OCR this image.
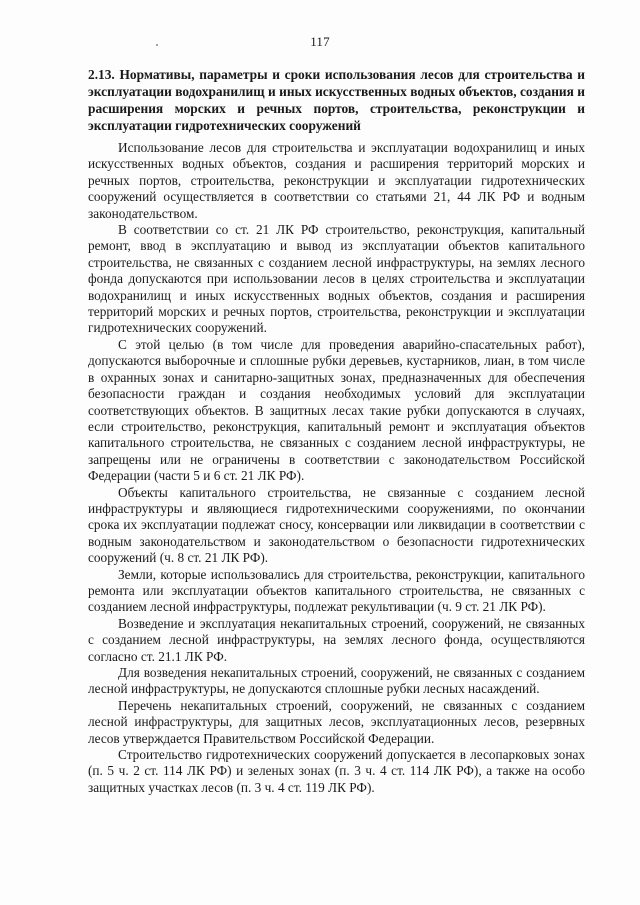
117
2.13. Нормативы, параметры и сроки использования лесов для строительства и эксплуатации водохранилищ и иных искусственных водных объектов, создания и расширения морских и речных портов, строительства, реконструкции и эксплуатации гидротехнических сооружений

Использование лесов для строительства и эксплуатации водохранилищ и иных искусственных водных объектов, создания и расширения территорий морских и речных портов, строительства, реконструкции и эксплуатации гидротехнических сооружений осуществляется в соответствии со статьями 21, 44 ЛК РФ и водным законодательством.

В соответствии со ст. 21 ЛК РФ строительство, реконструкция, капитальный ремонт, ввод в эксплуатацию и вывод из эксплуатации объектов капитального строительства, не связанных с созданием лесной инфраструктуры, на землях лесного фонда допускаются при использовании лесов в целях строительства и эксплуатации водохранилищ и иных искусственных водных объектов, создания и расширения территорий морских и речных портов, строительства, реконструкции и эксплуатации гидротехнических сооружений.

С этой целью (в том числе для проведения аварийно-спасательных работ), допускаются выборочные и сплошные рубки деревьев, кустарников, лиан, в том числе в охранных зонах и санитарно-защитных зонах, предназначенных для обеспечения безопасности граждан и создания необходимых условий для эксплуатации соответствующих объектов. В защитных лесах такие рубки допускаются в случаях, если строительство, реконструкция, капитальный ремонт и эксплуатация объектов капитального строительства, не связанных с созданием лесной инфраструктуры, не запрещены или не ограничены в соответствии с законодательством Российской Федерации (части 5 и 6 ст. 21 ЛК РФ).

Объекты капитального строительства, не связанные с созданием лесной инфраструктуры и являющиеся гидротехническими сооружениями, по окончании срока их эксплуатации подлежат сносу, консервации или ликвидации в соответствии с водным законодательством и законодательством о безопасности гидротехнических сооружений (ч. 8 ст. 21 ЛК РФ).

Земли, которые использовались для строительства, реконструкции, капитального ремонта или эксплуатации объектов капитального строительства, не связанных с созданием лесной инфраструктуры, подлежат рекультивации (ч. 9 ст. 21 ЛК РФ).

Возведение и эксплуатация некапитальных строений, сооружений, не связанных с созданием лесной инфраструктуры, на землях лесного фонда, осуществляются согласно ст. 21.1 ЛК РФ.

Для возведения некапитальных строений, сооружений, не связанных с созданием лесной инфраструктуры, не допускаются сплошные рубки лесных насаждений.

Перечень некапитальных строений, сооружений, не связанных с созданием лесной инфраструктуры, для защитных лесов, эксплуатационных лесов, резервных лесов утверждается Правительством Российской Федерации.

Строительство гидротехнических сооружений допускается в лесопарковых зонах (п. 5 ч. 2 ст. 114 ЛК РФ) и зеленых зонах (п. 3 ч. 4 ст. 114 ЛК РФ), а также на особо защитных участках лесов (п. 3 ч. 4 ст. 119 ЛК РФ).
